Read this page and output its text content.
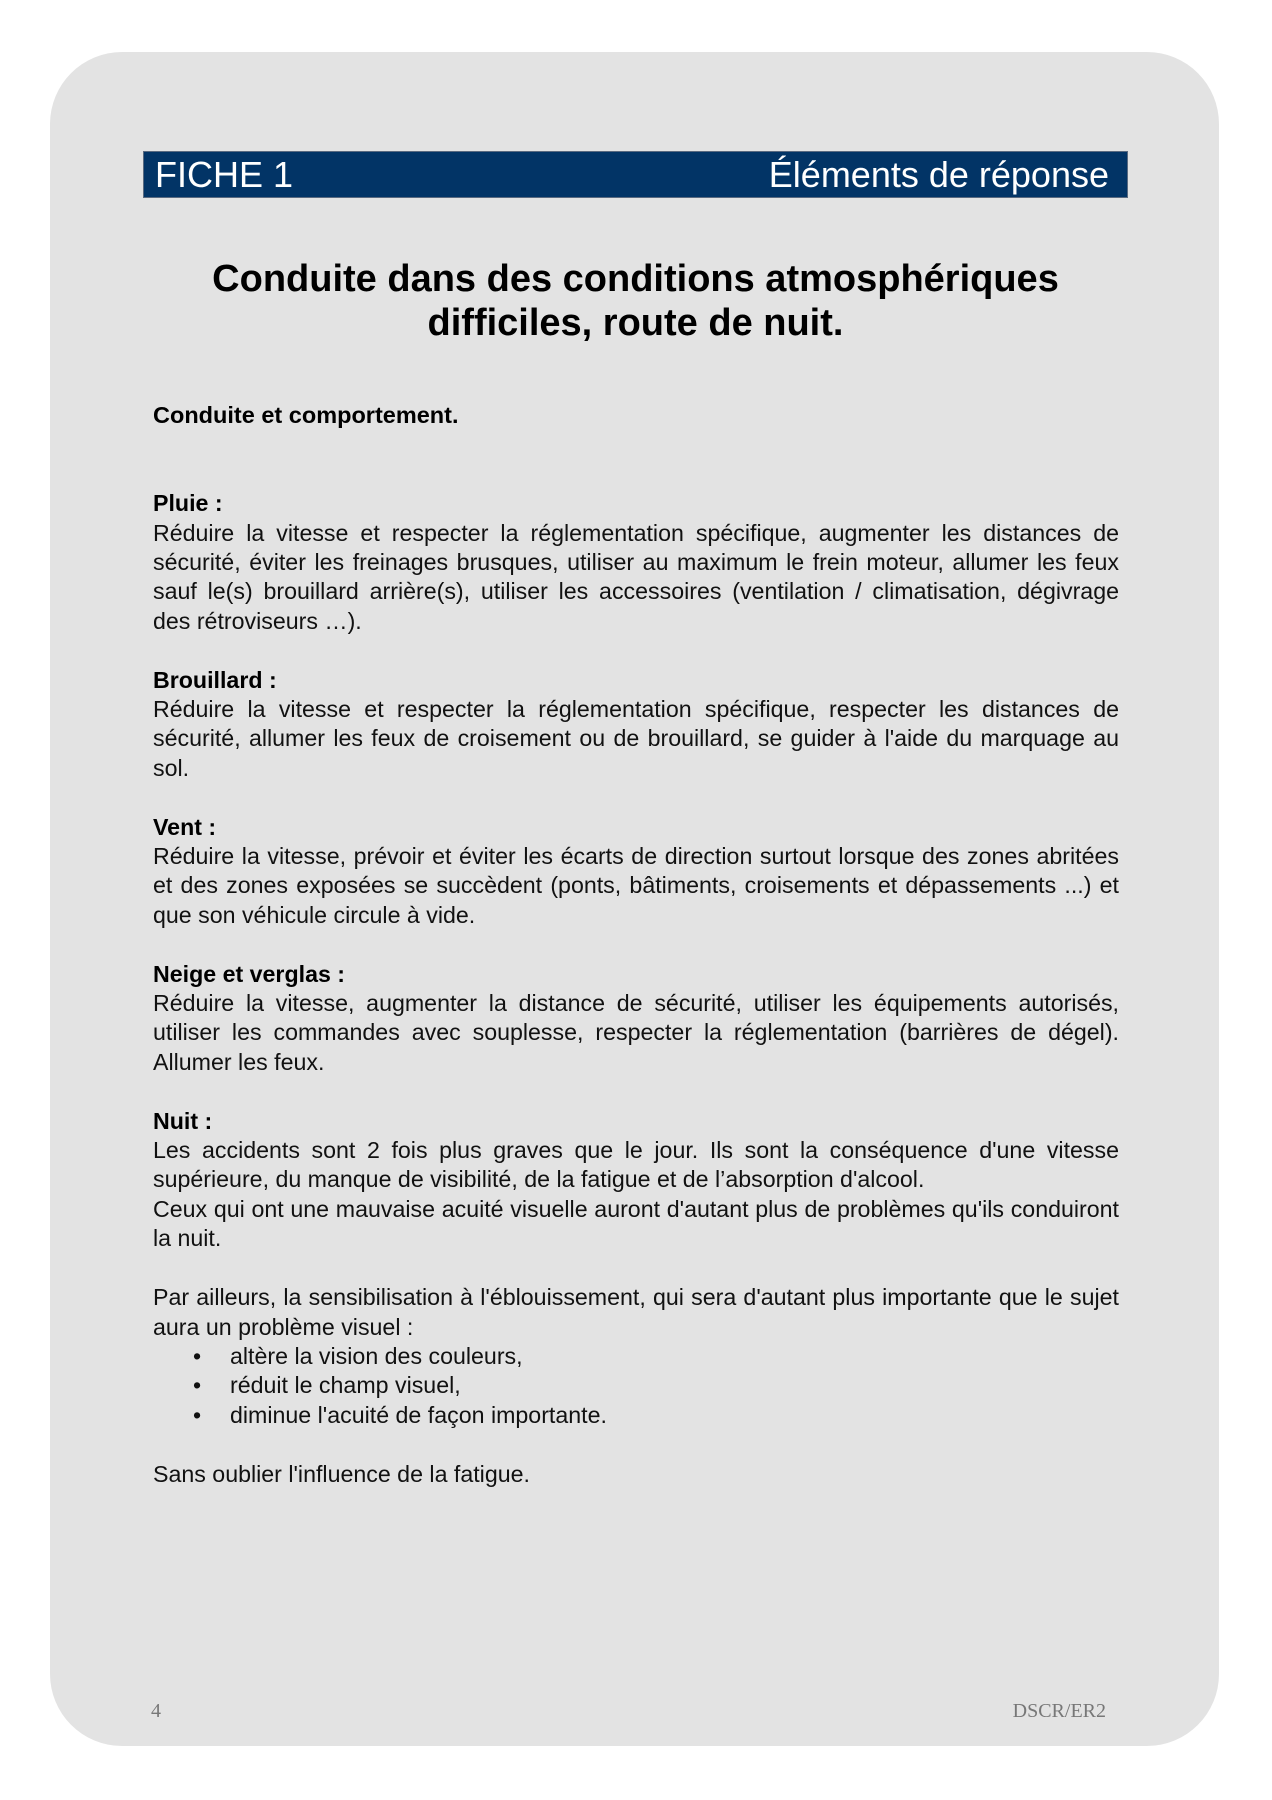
FICHE 1	Éléments de réponse
Conduite dans des conditions atmosphériques
difficiles, route de nuit.

Conduite et comportement.

Pluie :

Réduire la vitesse et respecter la réglementation spécifique, augmenter les distances de sécurité, éviter les freinages brusques, utiliser au maximum le frein moteur, allumer les feux sauf le(s) brouillard arrière(s), utiliser les accessoires (ventilation / climatisation, dégivrage des rétroviseurs …).

Brouillard :

Réduire la vitesse et respecter la réglementation spécifique, respecter les distances de sécurité, allumer les feux de croisement ou de brouillard, se guider à l'aide du marquage au sol.

Vent :

Réduire la vitesse, prévoir et éviter les écarts de direction surtout lorsque des zones abritées et des zones exposées se succèdent (ponts, bâtiments, croisements et dépassements ...) et que son véhicule circule à vide.

Neige et verglas :

Réduire la vitesse, augmenter la distance de sécurité, utiliser les équipements autorisés, utiliser les commandes avec souplesse, respecter la réglementation (barrières de dégel). Allumer les feux.

Nuit :

Les accidents sont 2 fois plus graves que le jour. Ils sont la conséquence d'une vitesse supérieure, du manque de visibilité, de la fatigue et de l’absorption d'alcool.

Ceux qui ont une mauvaise acuité visuelle auront d'autant plus de problèmes qu'ils conduiront la nuit.

Par ailleurs, la sensibilisation à l'éblouissement, qui sera d'autant plus importante que le sujet aura un problème visuel :

• altère la vision des couleurs,
• réduit le champ visuel,
• diminue l'acuité de façon importante.

Sans oublier l'influence de la fatigue.

4	DSCR/ER2
